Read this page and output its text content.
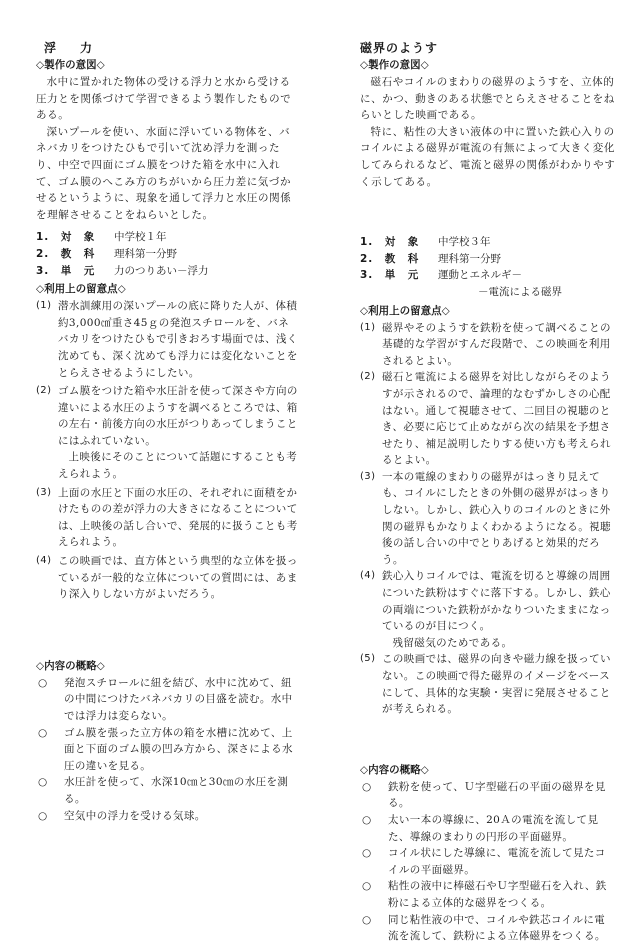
浮　力
◇製作の意図◇

水中に置かれた物体の受ける浮力と水から受ける圧力とを関係づけて学習できるよう製作したものである。

深いプールを使い、水面に浮いている物体を、バネバカリをつけたひもで引いて沈め浮力を測ったり、中空で四面にゴム膜をつけた箱を水中に入れて、ゴム膜のへこみ方のちがいから圧力差に気づかせるというように、現象を通して浮力と水圧の関係を理解させることをねらいとした。

1.　対　象	中学校１年
2.　教　科	理科第一分野
3.　単　元	力のつりあい－浮力
◇利用上の留意点◇
(1) 潜水訓練用の深いプールの底に降りた人が、体積約3,000㎤重さ45ｇの発泡スチロールを、バネバカリをつけたひもで引きおろす場面では、浅く沈めても、深く沈めても浮力には変化ないことをとらえさせるようにしたい。
(2) ゴム膜をつけた箱や水圧計を使って深さや方向の違いによる水圧のようすを調べるところでは、箱の左右・前後方向の水圧がつりあってしまうことにはふれていない。
上映後にそのことについて話題にすることも考えられよう。
(3) 上面の水圧と下面の水圧の、それぞれに面積をかけたものの差が浮力の大きさになることについては、上映後の話し合いで、発展的に扱うことも考えられよう。
(4) この映画では、直方体という典型的な立体を扱っているが一般的な立体についての質問には、あまり深入りしない方がよいだろう。
◇内容の概略◇
○	発泡スチロールに紐を結び、水中に沈めて、紐の中間につけたバネバカリの目盛を読む。水中では浮力は変らない。
○	ゴム膜を張った立方体の箱を水槽に沈めて、上面と下面のゴム膜の凹み方から、深さによる水圧の違いを見る。
○	水圧計を使って、水深10㎝と30㎝の水圧を測る。
○	空気中の浮力を受ける気球。
磁界のようす
◇製作の意図◇

磁石やコイルのまわりの磁界のようすを、立体的に、かつ、動きのある状態でとらえさせることをねらいとした映画である。

特に、粘性の大きい液体の中に置いた鉄心入りのコイルによる磁界が電流の有無によって大きく変化してみられるなど、電流と磁界の関係がわかりやすく示してある。

1.　対　象	中学校３年
2.　教　科	理科第一分野
3.　単　元	運動とエネルギ－
－電流による磁界
◇利用上の留意点◇
(1) 磁界やそのようすを鉄粉を使って調べることの基礎的な学習がすんだ段階で、この映画を利用されるとよい。
(2) 磁石と電流による磁界を対比しながらそのようすが示されるので、論理的なむずかしさの心配はない。通して視聴させて、二回目の視聴のとき、必要に応じて止めながら次の結果を予想させたり、補足説明したりする使い方も考えられるとよい。
(3) 一本の電線のまわりの磁界がはっきり見えても、コイルにしたときの外側の磁界がはっきりしない。しかし、鉄心入りのコイルのときに外関の磁界もかなりよくわかるようになる。視聴後の話し合いの中でとりあげると効果的だろう。
(4) 鉄心入りコイルでは、電流を切ると導線の周囲についた鉄粉はすぐに落下する。しかし、鉄心の両端についた鉄粉がかなりついたままになっているのが目につく。
残留磁気のためである。
(5) この映画では、磁界の向きや磁力線を扱っていない。この映画で得た磁界のイメージをベースにして、具体的な実験・実習に発展させることが考えられる。
◇内容の概略◇
○	鉄粉を使って、Ｕ字型磁石の平面の磁界を見る。
○	太い一本の導線に、20Ａの電流を流して見た、導線のまわりの円形の平面磁界。
○	コイル状にした導線に、電流を流して見たコイルの平面磁界。
○	粘性の液中に棒磁石やＵ字型磁石を入れ、鉄粉による立体的な磁界をつくる。
○	同じ粘性液の中で、コイルや鉄芯コイルに電流を流して、鉄粉による立体磁界をつくる。
